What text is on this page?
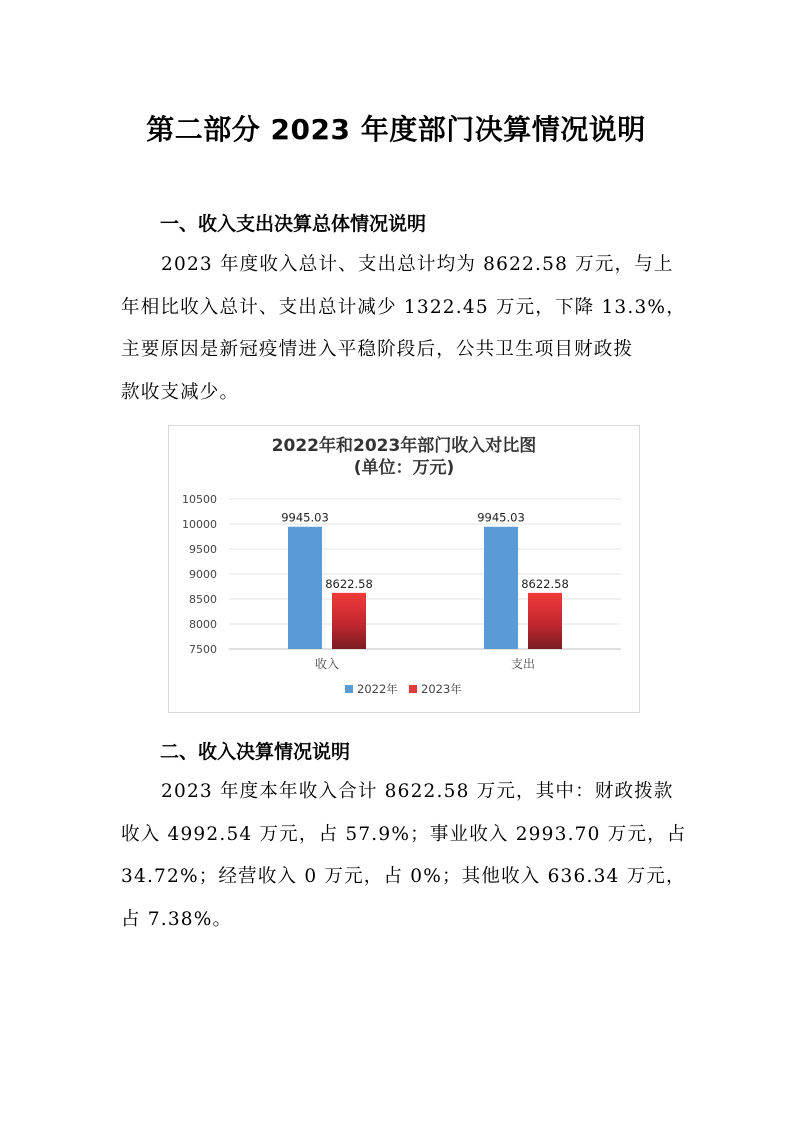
第二部分 2023 年度部门决算情况说明
一、收入支出决算总体情况说明
2023 年度收入总计、支出总计均为 8622.58 万元，与上
年相比收入总计、支出总计减少 1322.45 万元，下降 13.3%，
主要原因是新冠疫情进入平稳阶段后，公共卫生项目财政拨
款收支减少。
2022年和2023年部门收入对比图
(单位：万元)
7500
8000
8500
9000
9500
10000
10500
9945.03
8622.58
收入
9945.03
8622.58
支出
2022年 2023年
二、收入决算情况说明
2023 年度本年收入合计 8622.58 万元，其中：财政拨款
收入 4992.54 万元，占 57.9%；事业收入 2993.70 万元，占
34.72%；经营收入 0 万元，占 0%；其他收入 636.34 万元，
占 7.38%。
